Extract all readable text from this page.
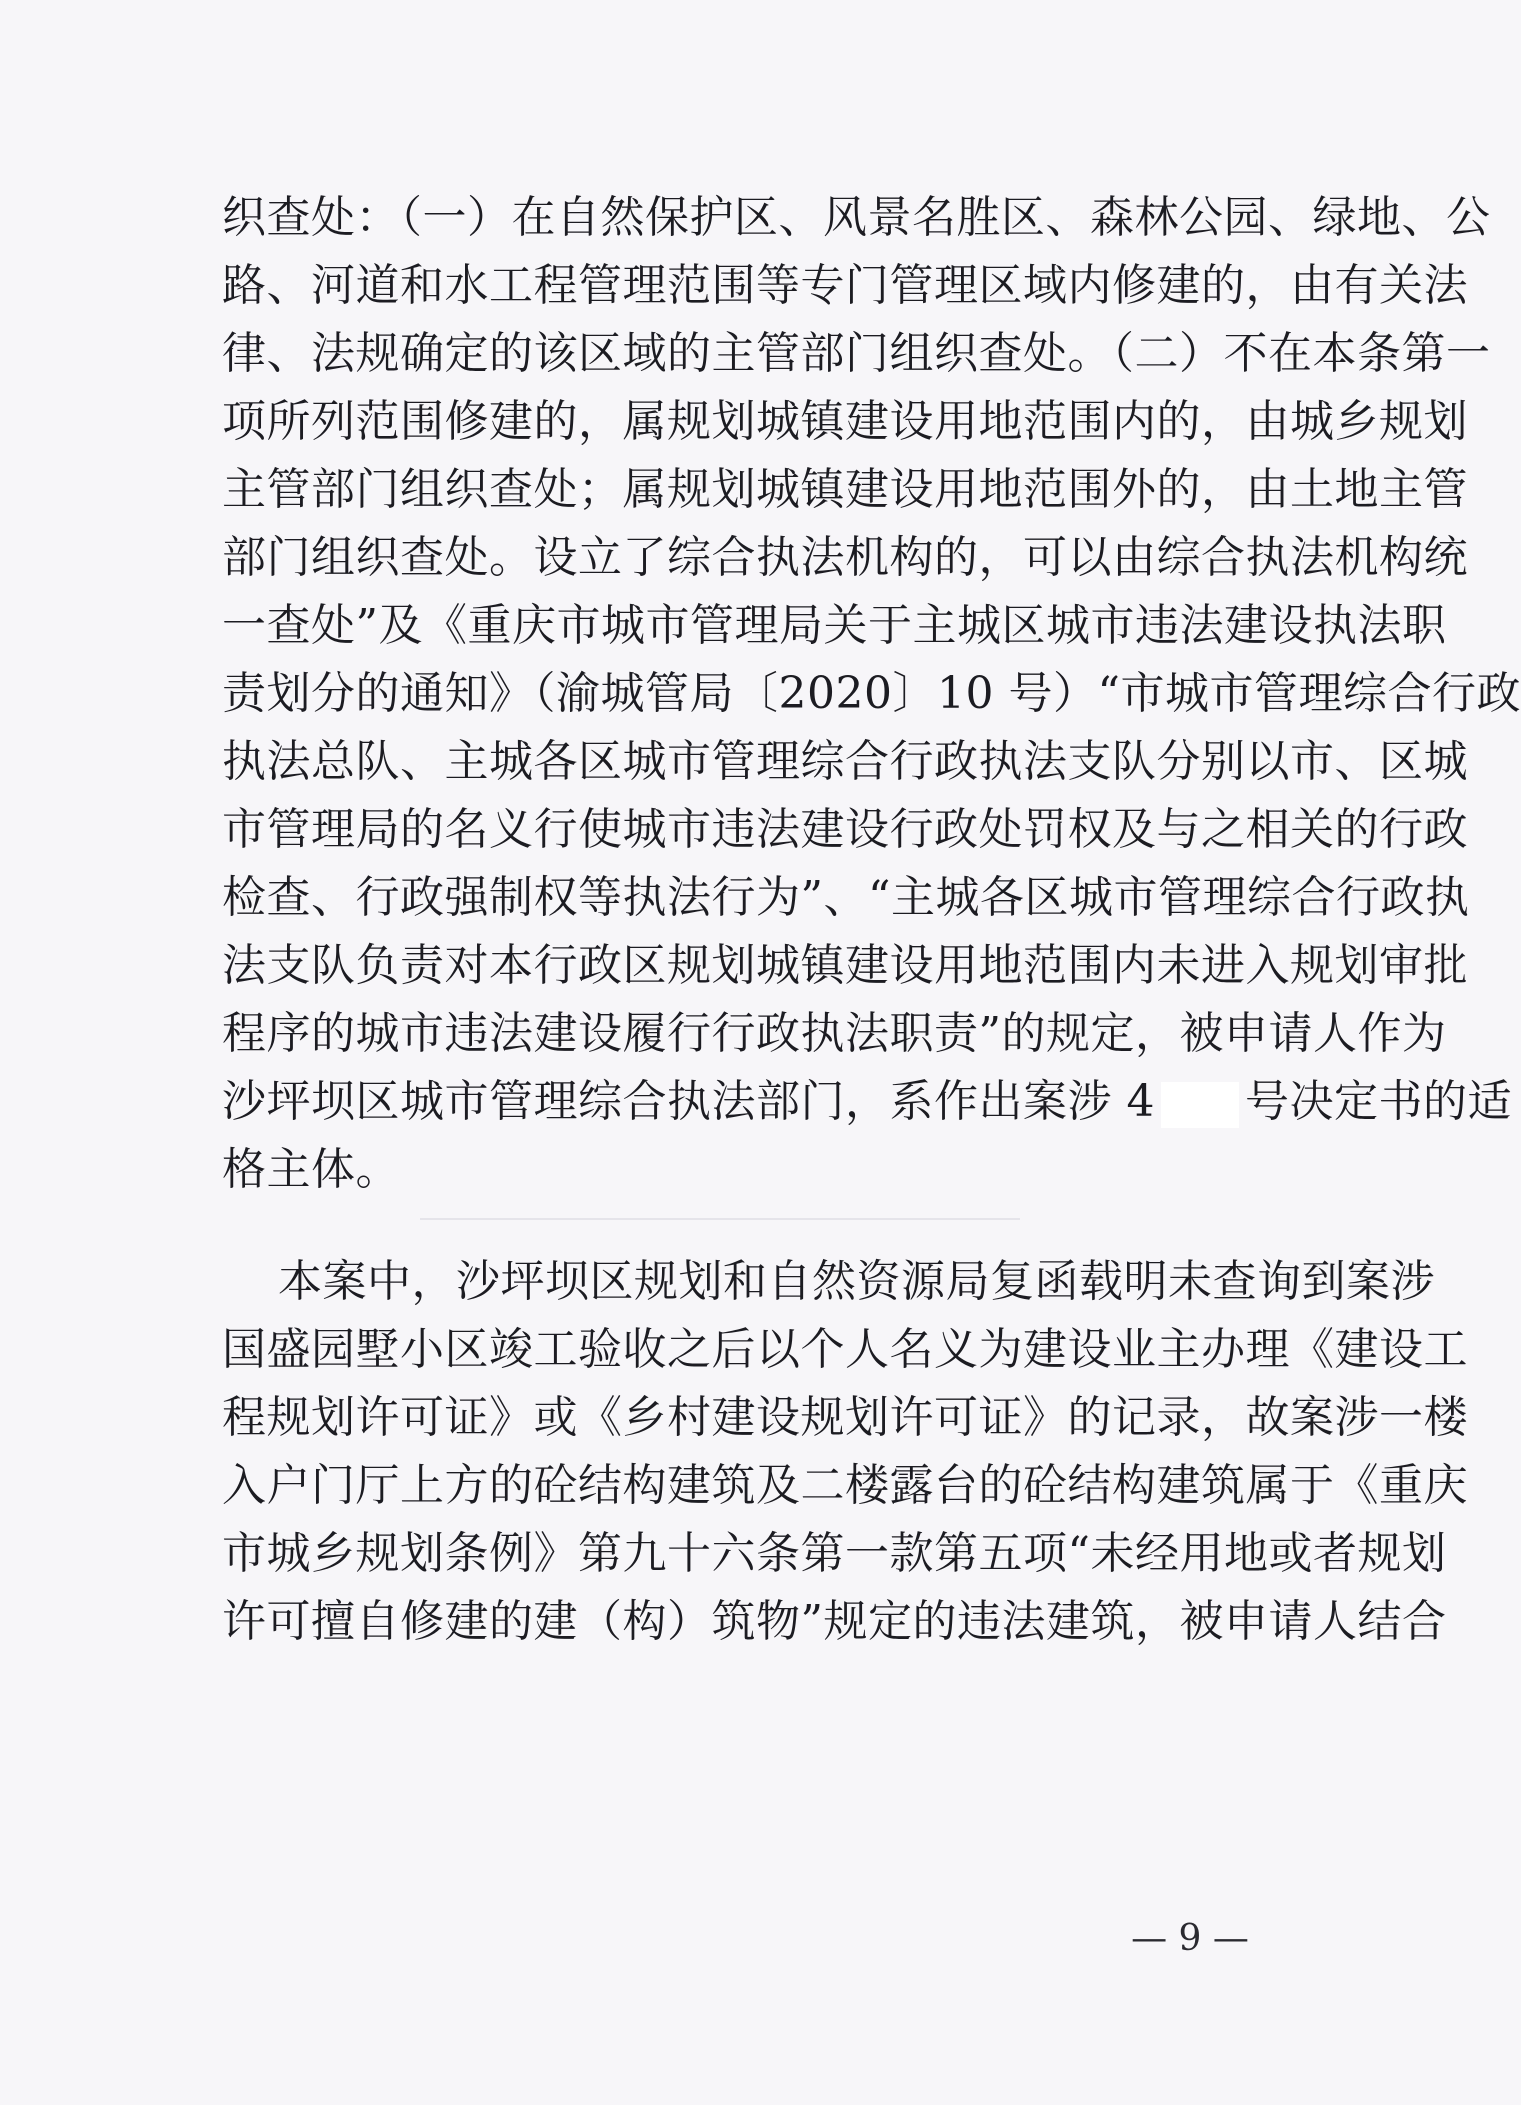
织查处：（一）在自然保护区、风景名胜区、森林公园、绿地、公
路、河道和水工程管理范围等专门管理区域内修建的，由有关法
律、法规确定的该区域的主管部门组织查处。（二）不在本条第一
项所列范围修建的，属规划城镇建设用地范围内的，由城乡规划
主管部门组织查处；属规划城镇建设用地范围外的，由土地主管
部门组织查处。设立了综合执法机构的，可以由综合执法机构统
一查处”及《重庆市城市管理局关于主城区城市违法建设执法职
责划分的通知》（渝城管局〔2020〕10 号）“市城市管理综合行政
执法总队、主城各区城市管理综合行政执法支队分别以市、区城
市管理局的名义行使城市违法建设行政处罚权及与之相关的行政
检查、行政强制权等执法行为”、“主城各区城市管理综合行政执
法支队负责对本行政区规划城镇建设用地范围内未进入规划审批
程序的城市违法建设履行行政执法职责”的规定，被申请人作为
沙坪坝区城市管理综合执法部门，系作出案涉 4 号决定书的适
格主体。
本案中，沙坪坝区规划和自然资源局复函载明未查询到案涉
国盛园墅小区竣工验收之后以个人名义为建设业主办理《建设工
程规划许可证》或《乡村建设规划许可证》的记录，故案涉一楼
入户门厅上方的砼结构建筑及二楼露台的砼结构建筑属于《重庆
市城乡规划条例》第九十六条第一款第五项“未经用地或者规划
许可擅自修建的建（构）筑物”规定的违法建筑，被申请人结合
— 9 —
